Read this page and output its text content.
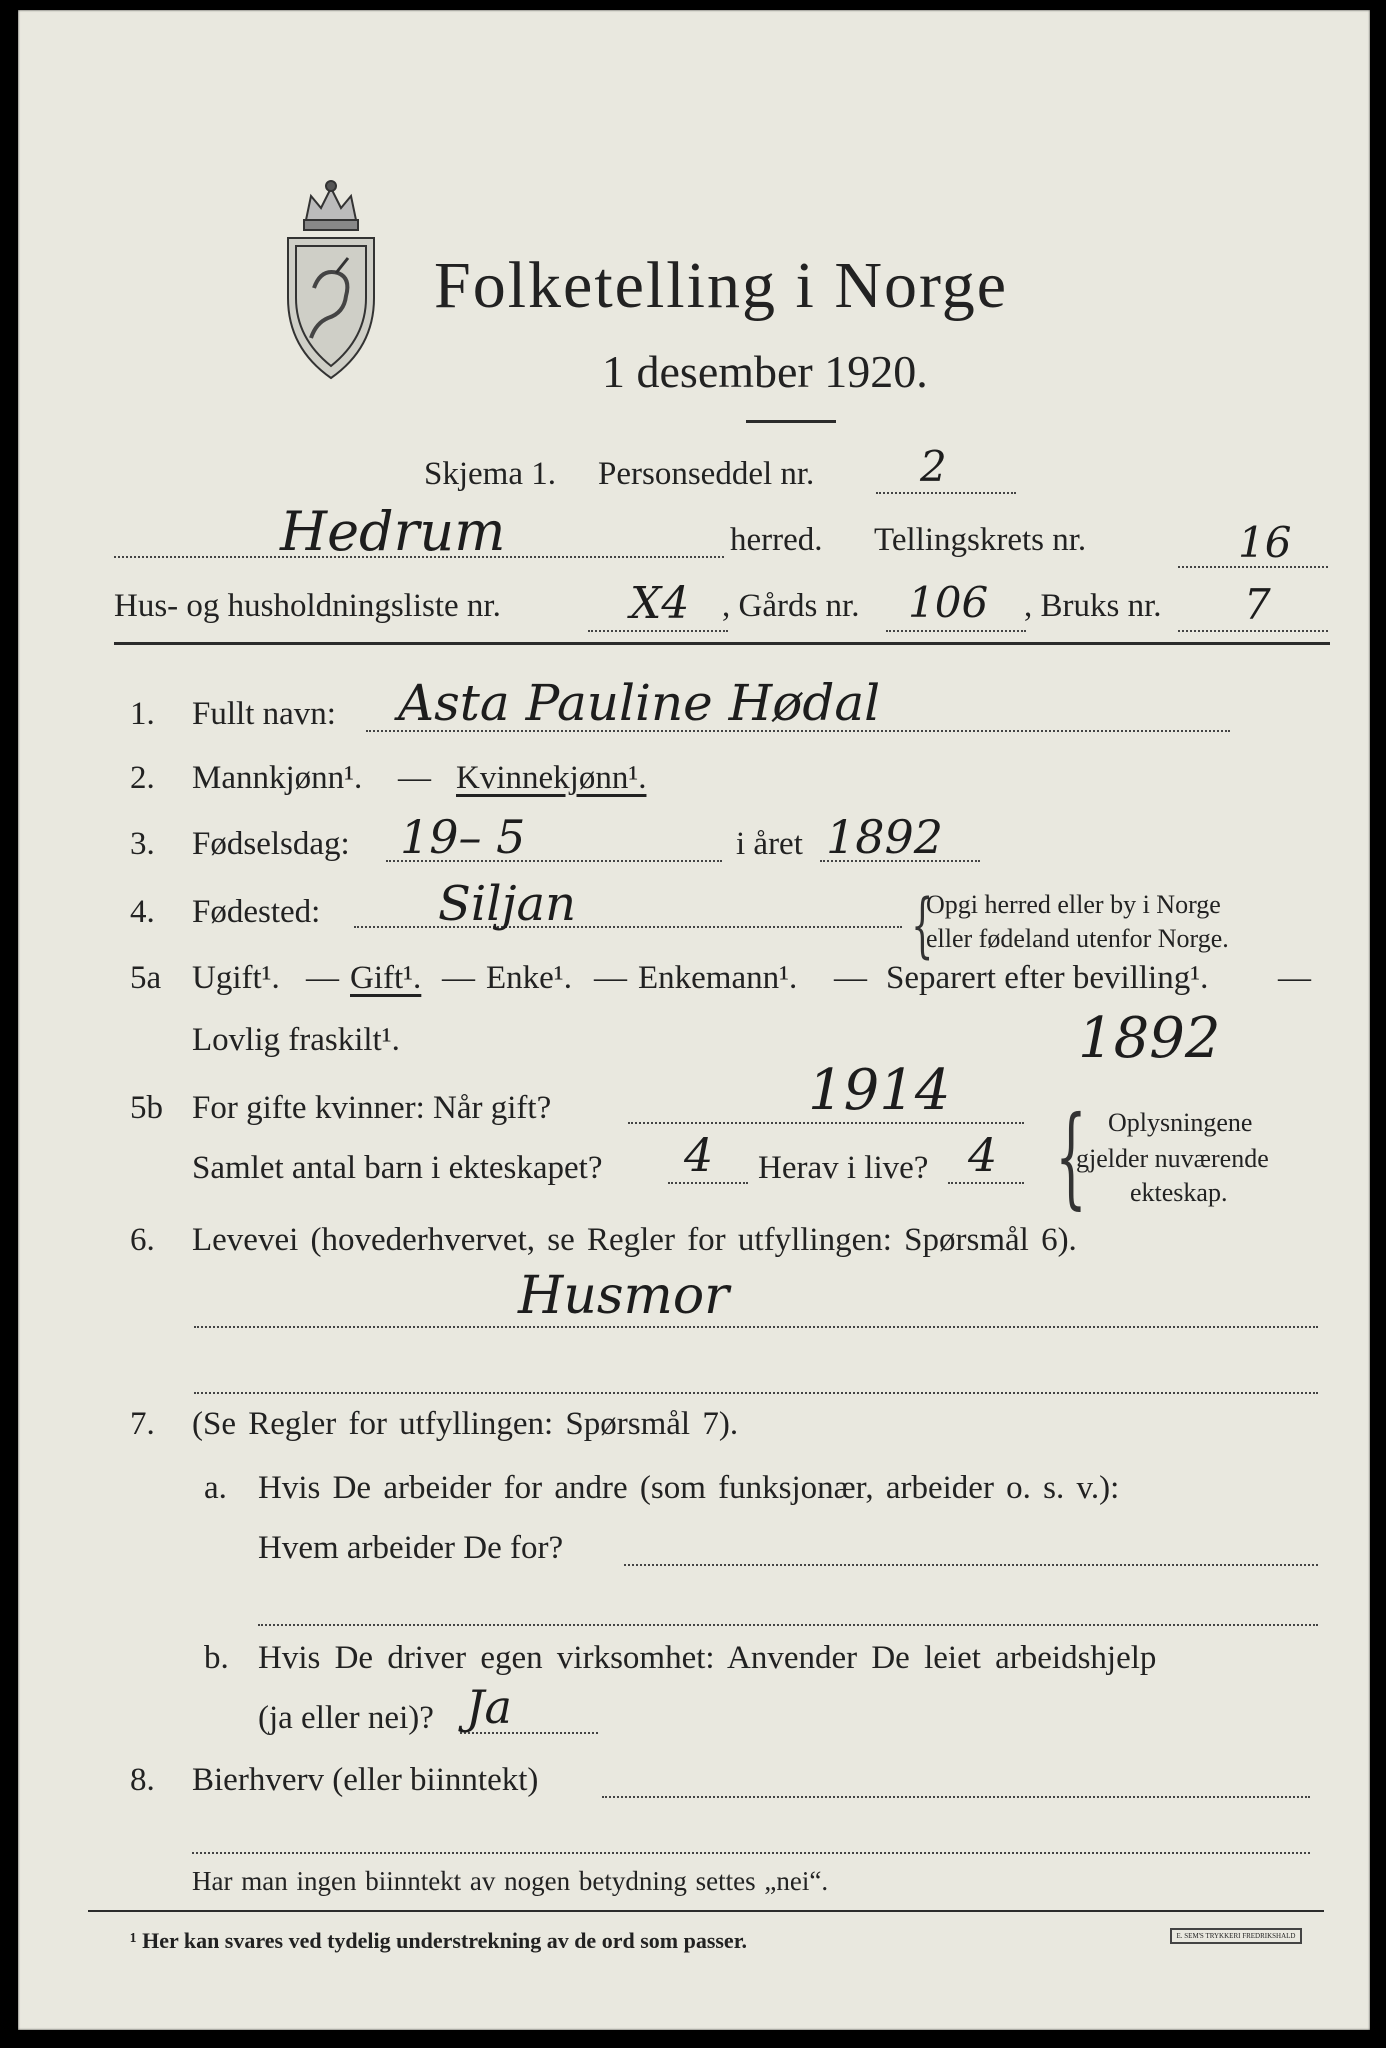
Folketelling i Norge
1 desember 1920.
Skjema 1. Personseddel nr.	2
Hedrum	herred. Tellingskrets nr.	16
Hus- og husholdningsliste nr.	X4 , Gårds nr. 106 , Bruks nr. 7
1. Fullt navn: Asta Pauline Hødal
2. Mannkjønn¹. — Kvinnekjønn¹.
3. Fødselsdag: 19– 5	i året 1892
4. Fødested: Siljan	{
Opgi herred eller by i Norge
eller fødeland utenfor Norge.
5a Ugift¹. — Gift¹. — Enke¹. — Enkemann¹. — Separert efter bevilling¹. —
Lovlig fraskilt¹.	1892
5b For gifte kvinner: Når gift?	1914
Samlet antal barn i ekteskapet? 4 Herav i live? 4 { Oplysningene
gjelder nuværende
ekteskap.
6. Levevei (hovederhvervet, se Regler for utfyllingen: Spørsmål 6).
Husmor
7. (Se Regler for utfyllingen: Spørsmål 7).
a. Hvis De arbeider for andre (som funksjonær, arbeider o. s. v.):
Hvem arbeider De for?
b. Hvis De driver egen virksomhet: Anvender De leiet arbeidshjelp
(ja eller nei)? Ja
8. Bierhverv (eller biinntekt)
Har man ingen biinntekt av nogen betydning settes „nei“.
¹ Her kan svares ved tydelig understrekning av de ord som passer.	E. SEM'S TRYKKERI FREDRIKSHALD
